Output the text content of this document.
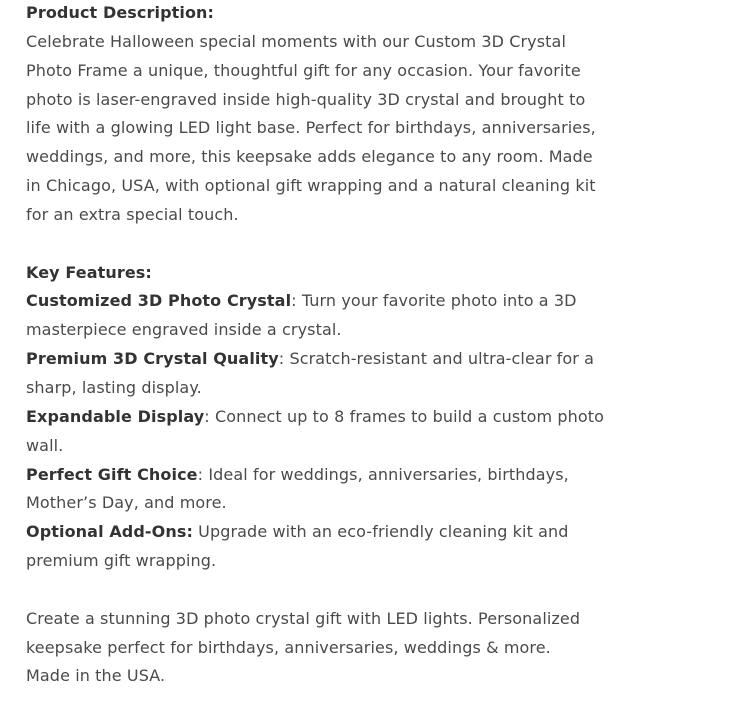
Product Description:

Celebrate Halloween special moments with our Custom 3D Crystal
Photo Frame a unique, thoughtful gift for any occasion. Your favorite
photo is laser-engraved inside high-quality 3D crystal and brought to
life with a glowing LED light base. Perfect for birthdays, anniversaries,
weddings, and more, this keepsake adds elegance to any room. Made
in Chicago, USA, with optional gift wrapping and a natural cleaning kit
for an extra special touch.

Key Features:

Customized 3D Photo Crystal: Turn your favorite photo into a 3D
masterpiece engraved inside a crystal.

Premium 3D Crystal Quality: Scratch-resistant and ultra-clear for a
sharp, lasting display.

Expandable Display: Connect up to 8 frames to build a custom photo
wall.

Perfect Gift Choice: Ideal for weddings, anniversaries, birthdays,
Mother’s Day, and more.

Optional Add-Ons: Upgrade with an eco-friendly cleaning kit and
premium gift wrapping.

Create a stunning 3D photo crystal gift with LED lights. Personalized
keepsake perfect for birthdays, anniversaries, weddings & more.
Made in the USA.
